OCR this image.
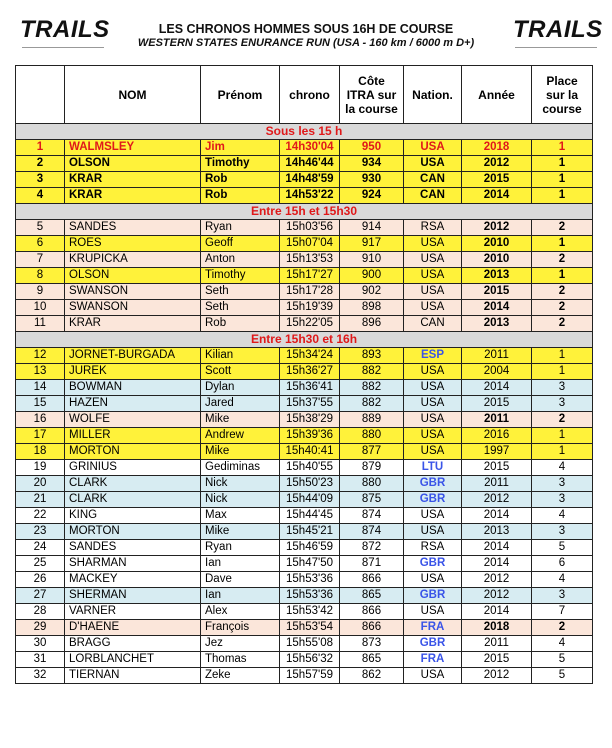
TRAILS	LES CHRONOS HOMMES SOUS 16H DE COURSE
WESTERN STATES ENURANCE RUN (USA - 160 km / 6000 m D+)	TRAILS
	NOM	Prénom	chrono	Côte ITRA sur la course	Nation.	Année	Place sur la course
Sous les 15 h							
1	WALMSLEY	Jim	14h30'04	950	USA	2018	1
2	OLSON	Timothy	14h46'44	934	USA	2012	1
3	KRAR	Rob	14h48'59	930	CAN	2015	1
4	KRAR	Rob	14h53'22	924	CAN	2014	1
Entre 15h et 15h30							
5	SANDES	Ryan	15h03'56	914	RSA	2012	2
6	ROES	Geoff	15h07'04	917	USA	2010	1
7	KRUPICKA	Anton	15h13'53	910	USA	2010	2
8	OLSON	Timothy	15h17'27	900	USA	2013	1
9	SWANSON	Seth	15h17'28	902	USA	2015	2
10	SWANSON	Seth	15h19'39	898	USA	2014	2
11	KRAR	Rob	15h22'05	896	CAN	2013	2
Entre 15h30 et 16h							
12	JORNET-BURGADA	Kilian	15h34'24	893	ESP	2011	1
13	JUREK	Scott	15h36'27	882	USA	2004	1
14	BOWMAN	Dylan	15h36'41	882	USA	2014	3
15	HAZEN	Jared	15h37'55	882	USA	2015	3
16	WOLFE	Mike	15h38'29	889	USA	2011	2
17	MILLER	Andrew	15h39'36	880	USA	2016	1
18	MORTON	Mike	15h40:41	877	USA	1997	1
19	GRINIUS	Gediminas	15h40'55	879	LTU	2015	4
20	CLARK	Nick	15h50'23	880	GBR	2011	3
21	CLARK	Nick	15h44'09	875	GBR	2012	3
22	KING	Max	15h44'45	874	USA	2014	4
23	MORTON	Mike	15h45'21	874	USA	2013	3
24	SANDES	Ryan	15h46'59	872	RSA	2014	5
25	SHARMAN	Ian	15h47'50	871	GBR	2014	6
26	MACKEY	Dave	15h53'36	866	USA	2012	4
27	SHERMAN	Ian	15h53'36	865	GBR	2012	3
28	VARNER	Alex	15h53'42	866	USA	2014	7
29	D'HAENE	François	15h53'54	866	FRA	2018	2
30	BRAGG	Jez	15h55'08	873	GBR	2011	4
31	LORBLANCHET	Thomas	15h56'32	865	FRA	2015	5
32	TIERNAN	Zeke	15h57'59	862	USA	2012	5
